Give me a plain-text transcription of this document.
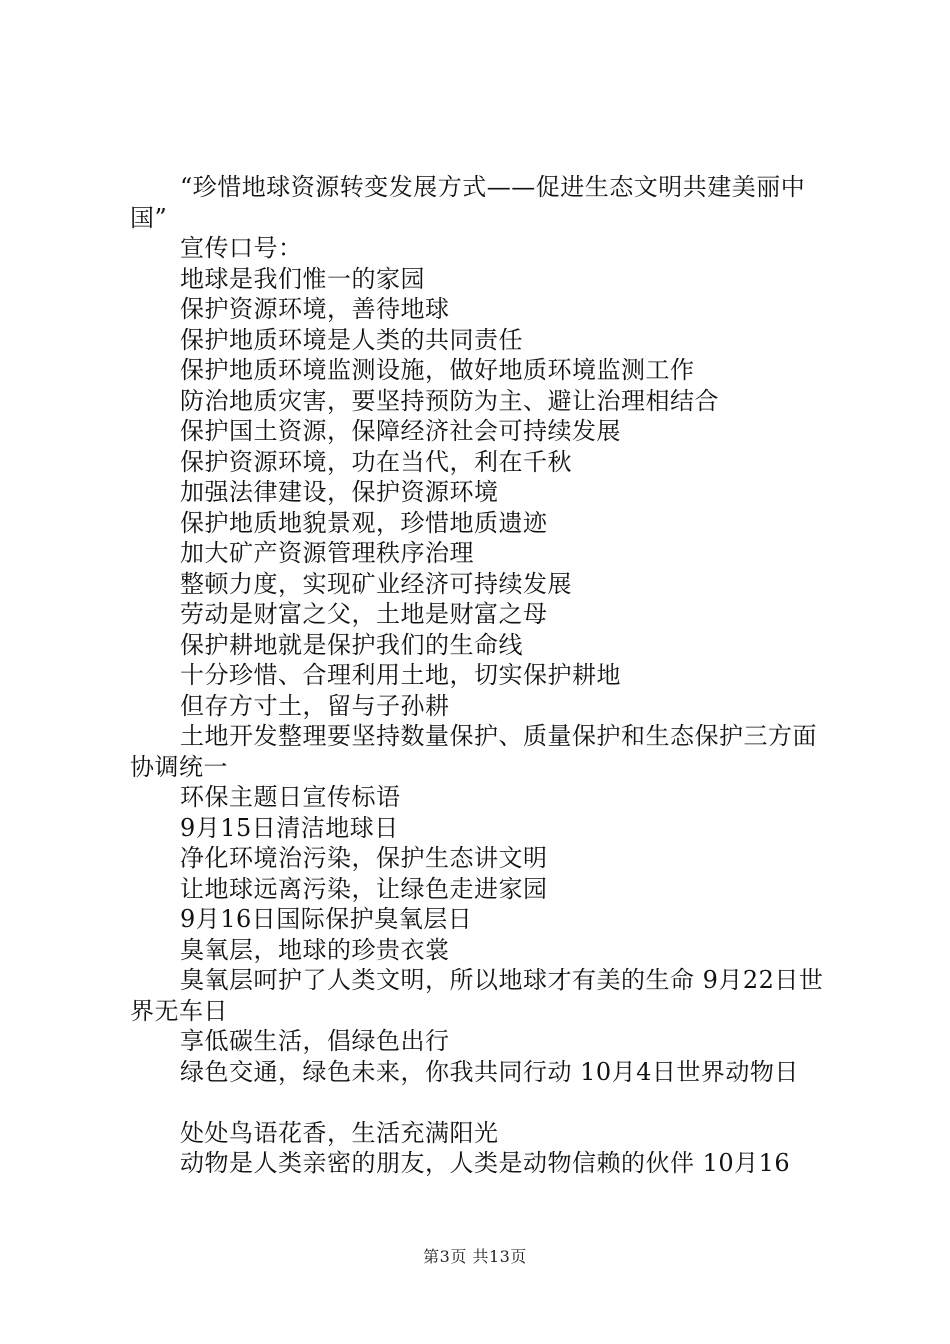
“珍惜地球资源转变发展方式——促进生态文明共建美丽中国”

宣传口号：

地球是我们惟一的家园

保护资源环境，善待地球

保护地质环境是人类的共同责任

保护地质环境监测设施，做好地质环境监测工作

防治地质灾害，要坚持预防为主、避让治理相结合

保护国土资源，保障经济社会可持续发展

保护资源环境，功在当代，利在千秋

加强法律建设，保护资源环境

保护地质地貌景观，珍惜地质遗迹

加大矿产资源管理秩序治理

整顿力度，实现矿业经济可持续发展

劳动是财富之父，土地是财富之母

保护耕地就是保护我们的生命线

十分珍惜、合理利用土地，切实保护耕地

但存方寸土，留与子孙耕

土地开发整理要坚持数量保护、质量保护和生态保护三方面协调统一

环保主题日宣传标语

9月15日清洁地球日

净化环境治污染，保护生态讲文明

让地球远离污染，让绿色走进家园

9月16日国际保护臭氧层日

臭氧层，地球的珍贵衣裳

臭氧层呵护了人类文明，所以地球才有美的生命 9月22日世界无车日

享低碳生活，倡绿色出行

绿色交通，绿色未来，你我共同行动 10月4日世界动物日

处处鸟语花香，生活充满阳光

动物是人类亲密的朋友，人类是动物信赖的伙伴 10月16

第3页 共13页
